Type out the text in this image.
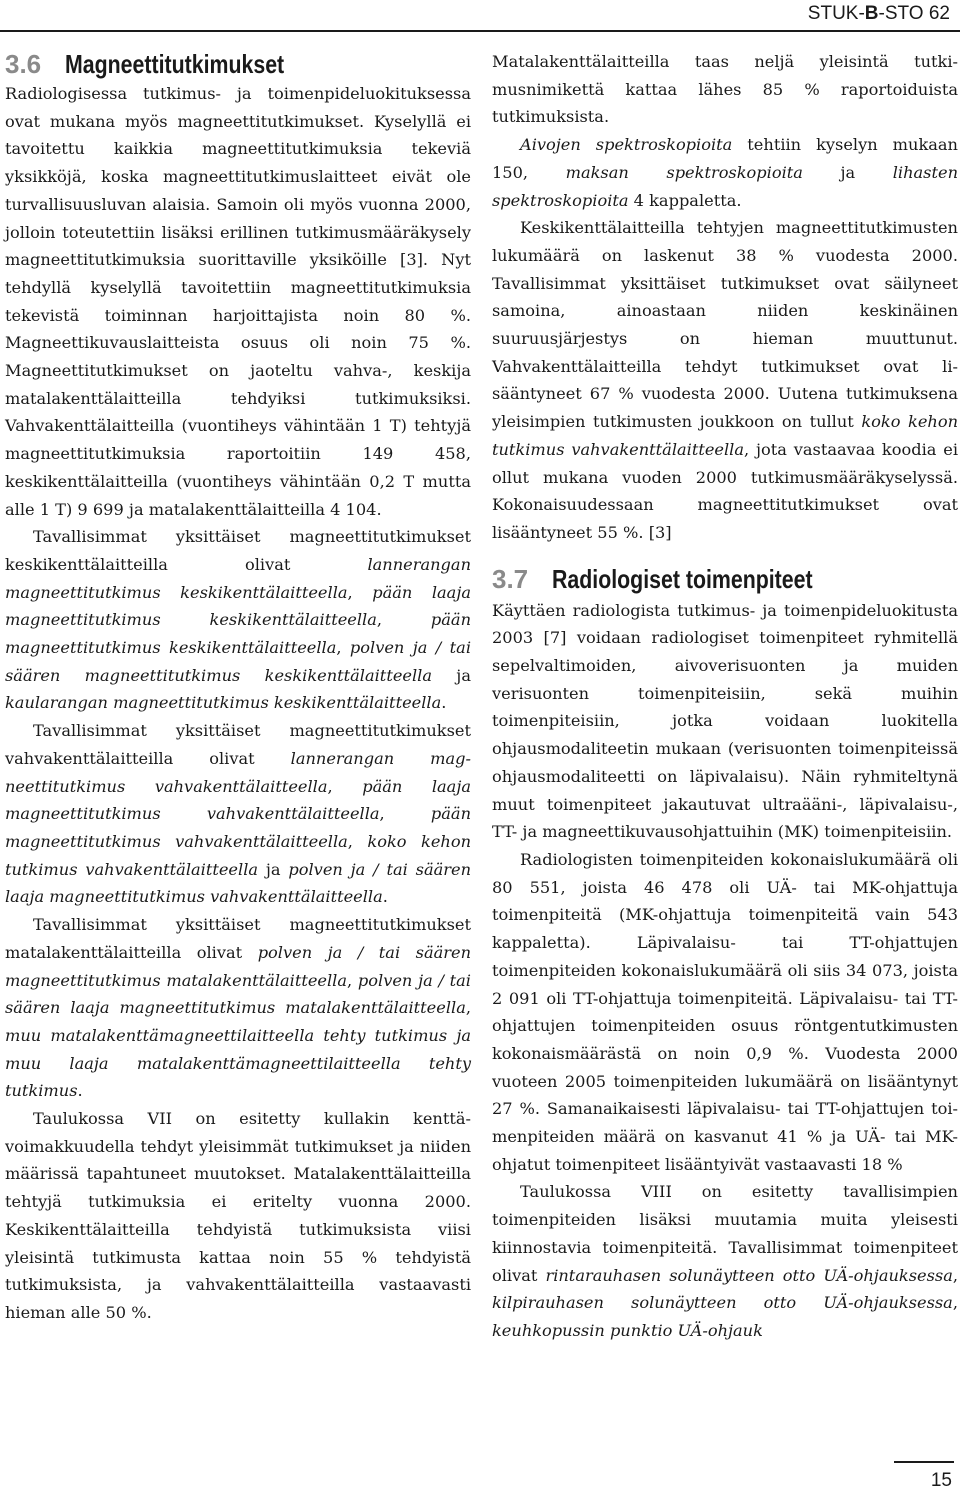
STUK-B-STO 62
3.6 Magneettitutkimukset

Radiologisessa tutkimus- ja toimenpideluokituksessa ovat mukana myös magneettitutkimukset. Kyselyllä ei tavoitettu kaikkia magneettitutkimuksia tekeviä yksikköjä, koska magneettitutkimuslaitteet eivät ole turvallisuusluvan alaisia. Samoin oli myös vuonna 2000, jolloin toteutettiin lisäksi erillinen tutkimusmääräkysely magneettitutkimuksia suorittaville yksiköille [3]. Nyt tehdyllä kyselyllä tavoitettiin magneettitutkimuksia tekevistä toiminnan harjoittajista noin 80 %. Magneettikuvauslaitteista osuus oli noin 75 %. Magneettitutkimukset on jaoteltu vahva-, keskija matalakenttälaitteilla tehdyiksi tutkimuksiksi. Vahvakenttälaitteilla (vuontiheys vähintään 1 T) tehtyjä magneettitutkimuksia raportoitiin 149 458, keskikenttälaitteilla (vuontiheys vähintään 0,2 T mutta alle 1 T) 9 699 ja matalakenttälaitteilla 4 104.

Tavallisimmat yksittäiset magneettitutkimukset keskikenttälaitteilla olivat lannerangan magneettitutkimus keskikenttälaitteella, pään laaja magneettitutkimus keskikenttälaitteella, pään magneettitutkimus keskikenttälaitteella, polven ja / tai säären magneettitutkimus keskikenttälaitteella ja kaularangan magneettitutkimus keskikenttälaitteella.

Tavallisimmat yksittäiset magneettitutkimukset vahvakenttälaitteilla olivat lannerangan magneettitutkimus vahvakenttälaitteella, pään laaja magneettitutkimus vahvakenttälaitteella, pään magneettitutkimus vahvakenttälaitteella, koko kehon tutkimus vahvakenttälaitteella ja polven ja / tai säären laaja magneettitutkimus vahvakenttälaitteella.

Tavallisimmat yksittäiset magneettitutkimukset matalakenttälaitteilla olivat polven ja / tai säären magneettitutkimus matalakenttälaitteella, polven ja / tai säären laaja magneettitutkimus matalakenttälaitteella, muu matalakenttämagneettilaitteella tehty tutkimus ja muu laaja matalakenttämagneettilaitteella tehty tutkimus.

Taulukossa VII on esitetty kullakin kenttävoimakkuudella tehdyt yleisimmät tutkimukset ja niiden määrissä tapahtuneet muutokset. Matalakenttälaitteilla tehtyjä tutkimuksia ei eritelty vuonna 2000. Keskikenttälaitteilla tehdyistä tutkimuksista viisi yleisintä tutkimusta kattaa noin 55 % tehdyistä tutkimuksista, ja vahvakenttälaitteilla vastaavasti hieman alle 50 %.

Matalakenttälaitteilla taas neljä yleisintä tutkimusnimikettä kattaa lähes 85 % raportoiduista tutkimuksista.

Aivojen spektroskopioita tehtiin kyselyn mukaan 150, maksan spektroskopioita ja lihasten spektroskopioita 4 kappaletta.

Keskikenttälaitteilla tehtyjen magneettitutkimusten lukumäärä on laskenut 38 % vuodesta 2000. Tavallisimmat yksittäiset tutkimukset ovat säilyneet samoina, ainoastaan niiden keskinäinen suuruusjärjestys on hieman muuttunut. Vahvakenttälaitteilla tehdyt tutkimukset ovat lisääntyneet 67 % vuodesta 2000. Uutena tutkimuksena yleisimpien tutkimusten joukkoon on tullut koko kehon tutkimus vahvakenttälaitteella, jota vastaavaa koodia ei ollut mukana vuoden 2000 tutkimusmääräkyselyssä. Kokonaisuudessaan magneettitutkimukset ovat lisääntyneet 55 %. [3]

3.7 Radiologiset toimenpiteet

Käyttäen radiologista tutkimus- ja toimenpideluokitusta 2003 [7] voidaan radiologiset toimenpiteet ryhmitellä sepelvaltimoiden, aivoverisuonten ja muiden verisuonten toimenpiteisiin, sekä muihin toimenpiteisiin, jotka voidaan luokitella ohjausmodaliteetin mukaan (verisuonten toimenpiteissä ohjausmodaliteetti on läpivalaisu). Näin ryhmiteltynä muut toimenpiteet jakautuvat ultraääni-, läpivalaisu-, TT- ja magneettikuvausohjattuihin (MK) toimenpiteisiin.

Radiologisten toimenpiteiden kokonaislukumäärä oli 80 551, joista 46 478 oli UÄ- tai MK-ohjattuja toimenpiteitä (MK-ohjattuja toimenpiteitä vain 543 kappaletta). Läpivalaisu- tai TT-ohjattujen toimenpiteiden kokonaislukumäärä oli siis 34 073, joista 2 091 oli TT-ohjattuja toimenpiteitä. Läpivalaisu- tai TT-ohjattujen toimenpiteiden osuus röntgentutkimusten kokonaismäärästä on noin 0,9 %. Vuodesta 2000 vuoteen 2005 toimenpiteiden lukumäärä on lisääntynyt 27 %. Samanaikaisesti läpivalaisu- tai TT-ohjattujen toimenpiteiden määrä on kasvanut 41 % ja UÄ- tai MK-ohjatut toimenpiteet lisääntyivät vastaavasti 18 %

Taulukossa VIII on esitetty tavallisimpien toimenpiteiden lisäksi muutamia muita yleisesti kiinnostavia toimenpiteitä. Tavallisimmat toimenpiteet olivat rintarauhasen solunäytteen otto UÄ-ohjauksessa, kilpirauhasen solunäytteen otto UÄ-ohjauksessa, keuhkopussin punktio UÄ-ohjauk

15
